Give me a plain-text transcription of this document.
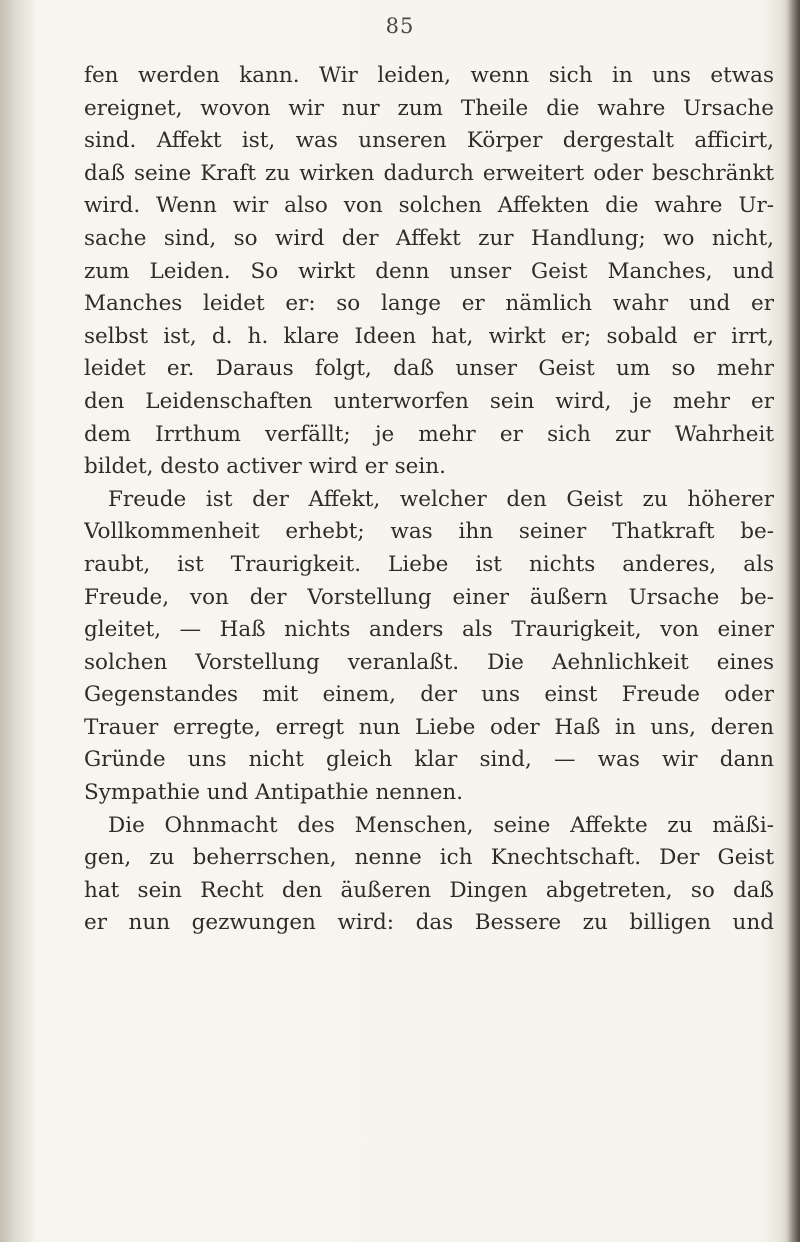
85
fen werden kann. Wir leiden, wenn sich in uns etwas
ereignet, wovon wir nur zum Theile die wahre Ursache
sind. Affekt ist, was unseren Körper dergestalt afficirt,
daß seine Kraft zu wirken dadurch erweitert oder beschränkt
wird. Wenn wir also von solchen Affekten die wahre Ur-
sache sind, so wird der Affekt zur Handlung; wo nicht,
zum Leiden. So wirkt denn unser Geist Manches, und
Manches leidet er: so lange er nämlich wahr und er
selbst ist, d. h. klare Ideen hat, wirkt er; sobald er irrt,
leidet er. Daraus folgt, daß unser Geist um so mehr
den Leidenschaften unterworfen sein wird, je mehr er
dem Irrthum verfällt; je mehr er sich zur Wahrheit
bildet, desto activer wird er sein.
Freude ist der Affekt, welcher den Geist zu höherer
Vollkommenheit erhebt; was ihn seiner Thatkraft be-
raubt, ist Traurigkeit. Liebe ist nichts anderes, als
Freude, von der Vorstellung einer äußern Ursache be-
gleitet, — Haß nichts anders als Traurigkeit, von einer
solchen Vorstellung veranlaßt. Die Aehnlichkeit eines
Gegenstandes mit einem, der uns einst Freude oder
Trauer erregte, erregt nun Liebe oder Haß in uns, deren
Gründe uns nicht gleich klar sind, — was wir dann
Sympathie und Antipathie nennen.
Die Ohnmacht des Menschen, seine Affekte zu mäßi-
gen, zu beherrschen, nenne ich Knechtschaft. Der Geist
hat sein Recht den äußeren Dingen abgetreten, so daß
er nun gezwungen wird: das Bessere zu billigen und
